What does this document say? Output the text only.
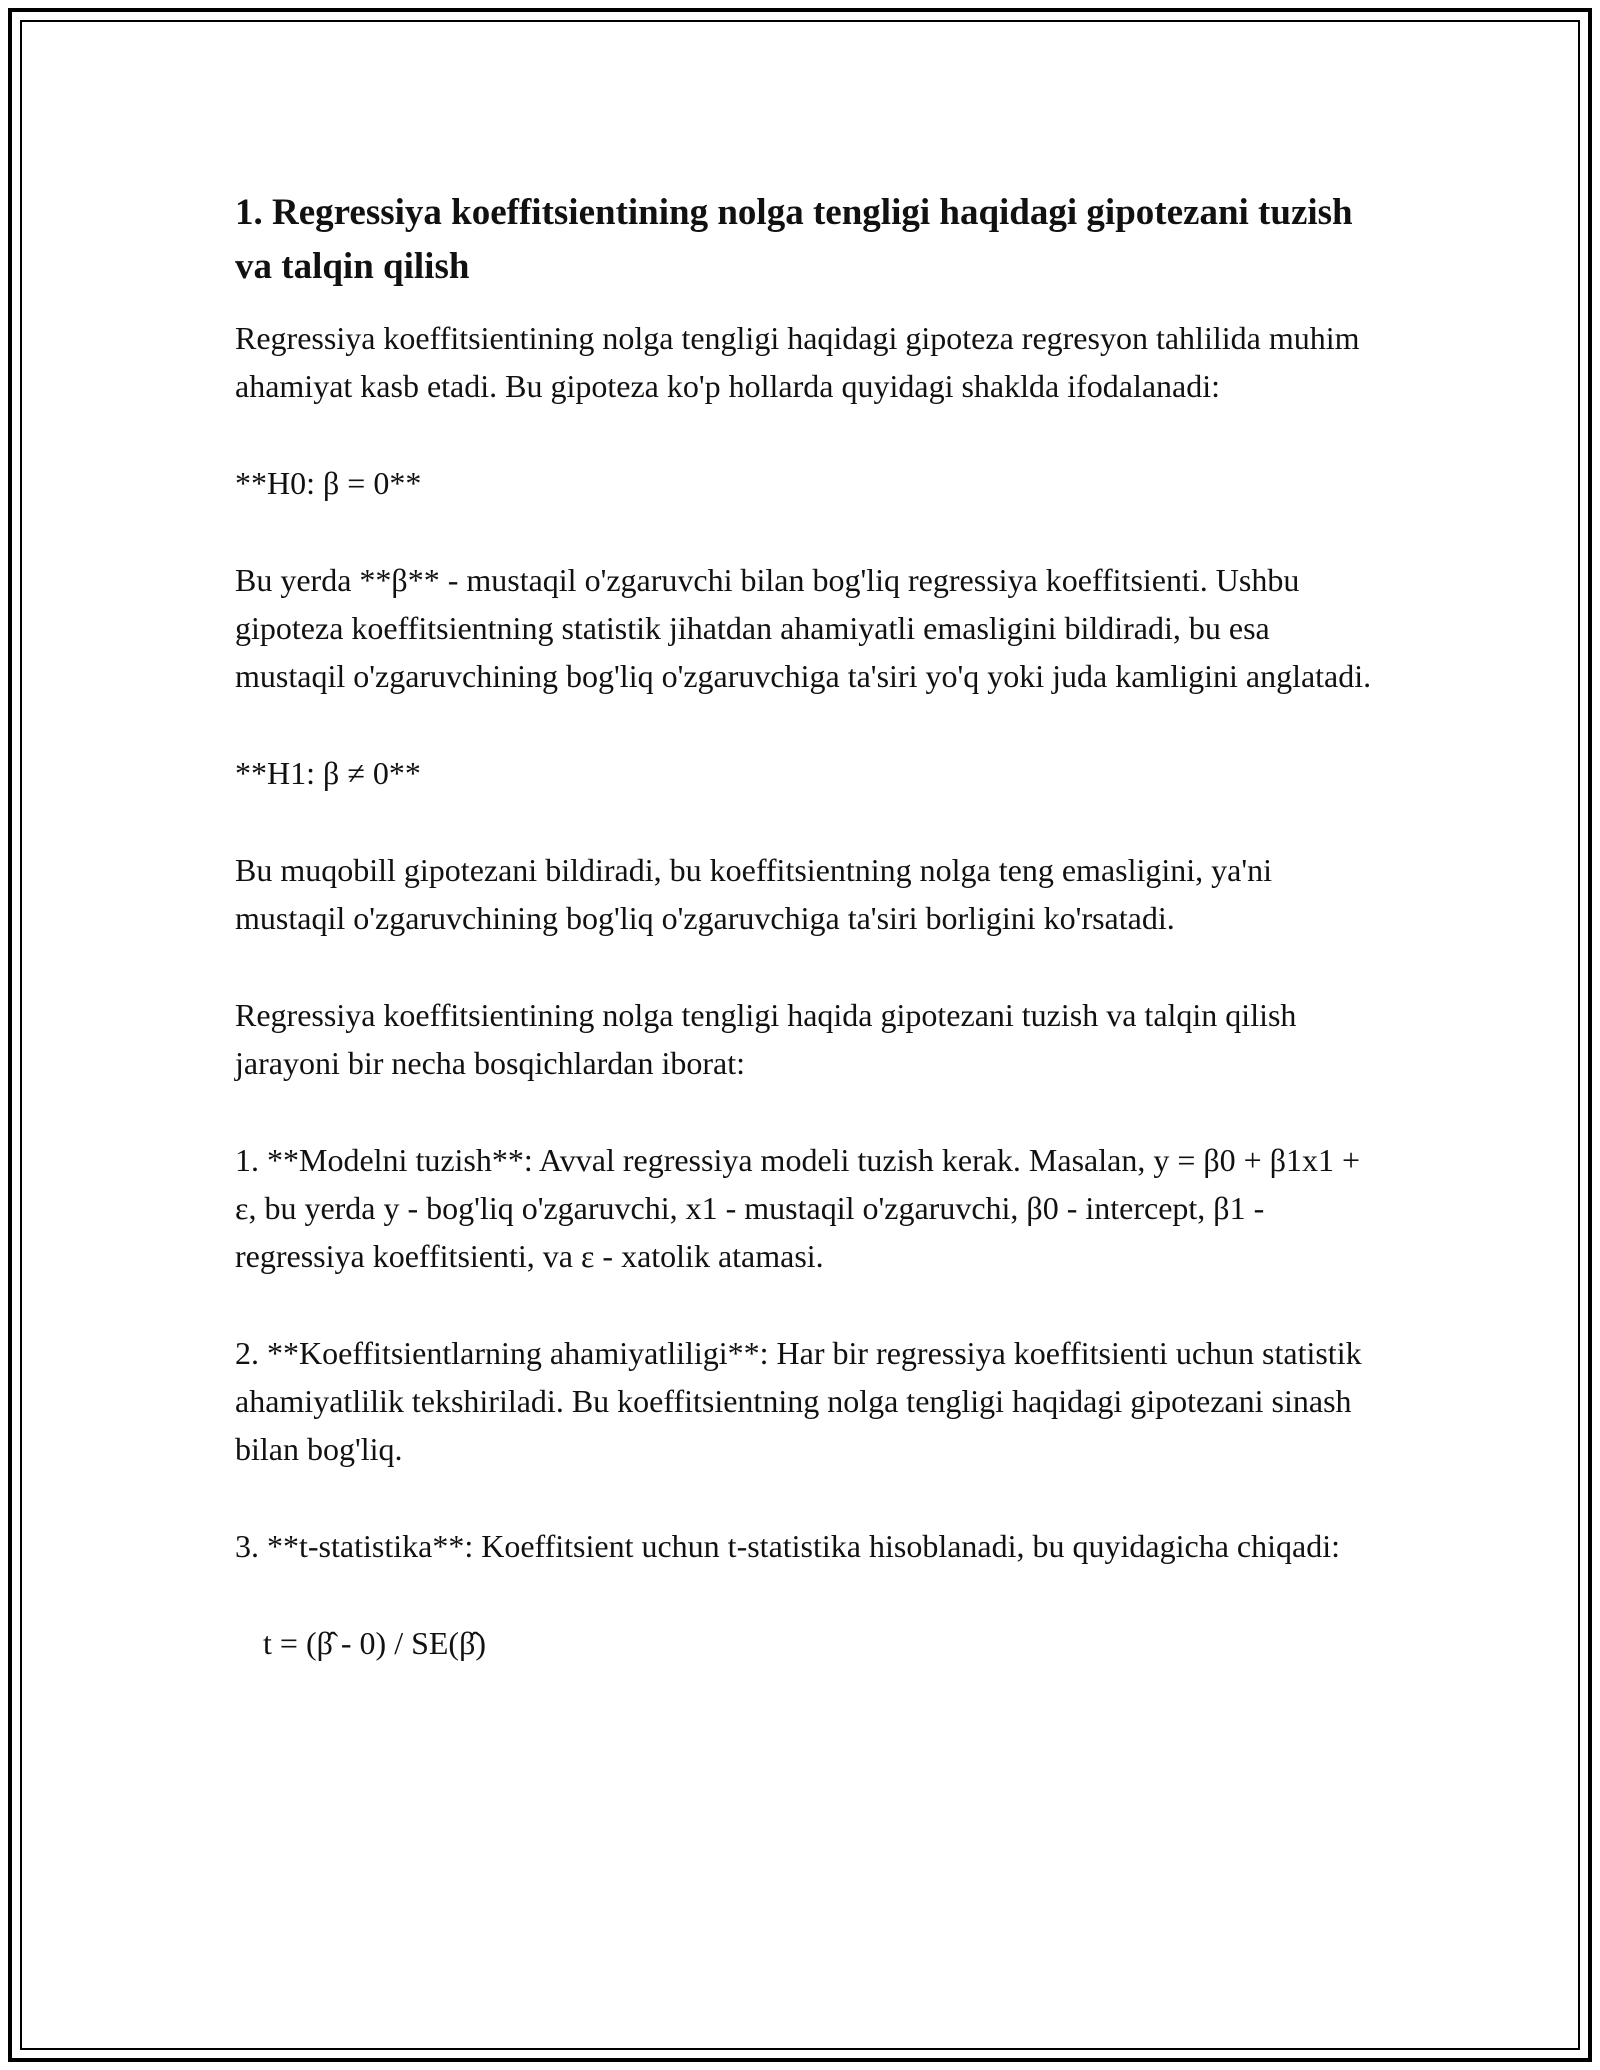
1. Regressiya koeffitsientining nolga tengligi haqidagi gipotezani tuzish va talqin qilish

Regressiya koeffitsientining nolga tengligi haqidagi gipoteza regresyon tahlilida muhim ahamiyat kasb etadi. Bu gipoteza ko'p hollarda quyidagi shaklda ifodalanadi:

**H0: β = 0**

Bu yerda **β** - mustaqil o'zgaruvchi bilan bog'liq regressiya koeffitsienti. Ushbu gipoteza koeffitsientning statistik jihatdan ahamiyatli emasligini bildiradi, bu esa mustaqil o'zgaruvchining bog'liq o'zgaruvchiga ta'siri yo'q yoki juda kamligini anglatadi.

**H1: β ≠ 0**

Bu muqobill gipotezani bildiradi, bu koeffitsientning nolga teng emasligini, ya'ni mustaqil o'zgaruvchining bog'liq o'zgaruvchiga ta'siri borligini ko'rsatadi.

Regressiya koeffitsientining nolga tengligi haqida gipotezani tuzish va talqin qilish jarayoni bir necha bosqichlardan iborat:

1. **Modelni tuzish**: Avval regressiya modeli tuzish kerak. Masalan, y = β0 + β1x1 + ε, bu yerda y - bog'liq o'zgaruvchi, x1 - mustaqil o'zgaruvchi, β0 - intercept, β1 - regressiya koeffitsienti, va ε - xatolik atamasi.

2. **Koeffitsientlarning ahamiyatliligi**: Har bir regressiya koeffitsienti uchun statistik ahamiyatlilik tekshiriladi. Bu koeffitsientning nolga tengligi haqidagi gipotezani sinash bilan bog'liq.

3. **t-statistika**: Koeffitsient uchun t-statistika hisoblanadi, bu quyidagicha chiqadi:

t = (β̂ - 0) / SE(β̂)
